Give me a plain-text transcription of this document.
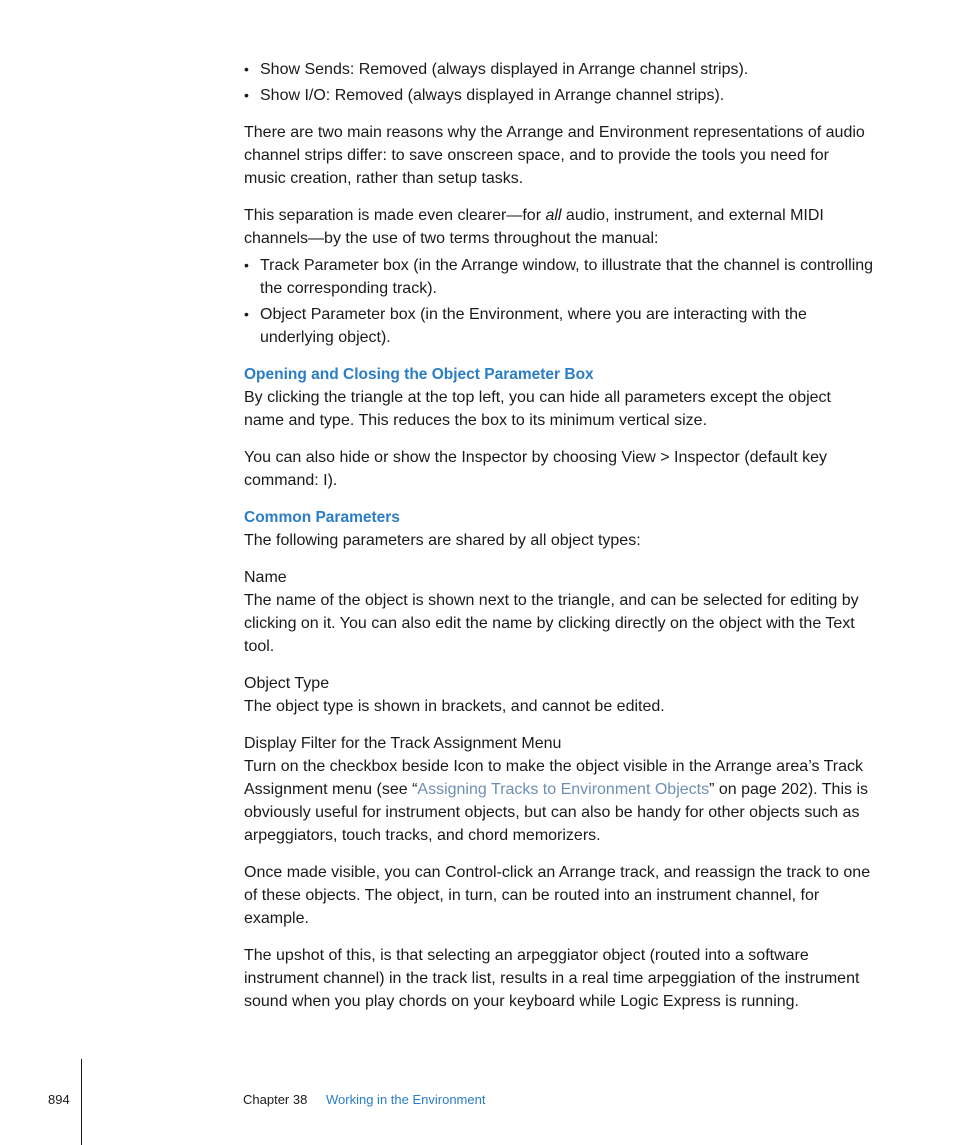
• Show Sends: Removed (always displayed in Arrange channel strips).
• Show I/O: Removed (always displayed in Arrange channel strips).

There are two main reasons why the Arrange and Environment representations of audio channel strips differ: to save onscreen space, and to provide the tools you need for music creation, rather than setup tasks.

This separation is made even clearer—for all audio, instrument, and external MIDI channels—by the use of two terms throughout the manual:

• Track Parameter box (in the Arrange window, to illustrate that the channel is controlling the corresponding track).
• Object Parameter box (in the Environment, where you are interacting with the underlying object).
Opening and Closing the Object Parameter Box

By clicking the triangle at the top left, you can hide all parameters except the object name and type. This reduces the box to its minimum vertical size.

You can also hide or show the Inspector by choosing View > Inspector (default key command: I).

Common Parameters

The following parameters are shared by all object types:

Name

The name of the object is shown next to the triangle, and can be selected for editing by clicking on it. You can also edit the name by clicking directly on the object with the Text tool.

Object Type

The object type is shown in brackets, and cannot be edited.

Display Filter for the Track Assignment Menu

Turn on the checkbox beside Icon to make the object visible in the Arrange area’s Track Assignment menu (see “Assigning Tracks to Environment Objects” on page 202). This is obviously useful for instrument objects, but can also be handy for other objects such as arpeggiators, touch tracks, and chord memorizers.

Once made visible, you can Control-click an Arrange track, and reassign the track to one of these objects. The object, in turn, can be routed into an instrument channel, for example.

The upshot of this, is that selecting an arpeggiator object (routed into a software instrument channel) in the track list, results in a real time arpeggiation of the instrument sound when you play chords on your keyboard while Logic Express is running.

894	Chapter 38 Working in the Environment
